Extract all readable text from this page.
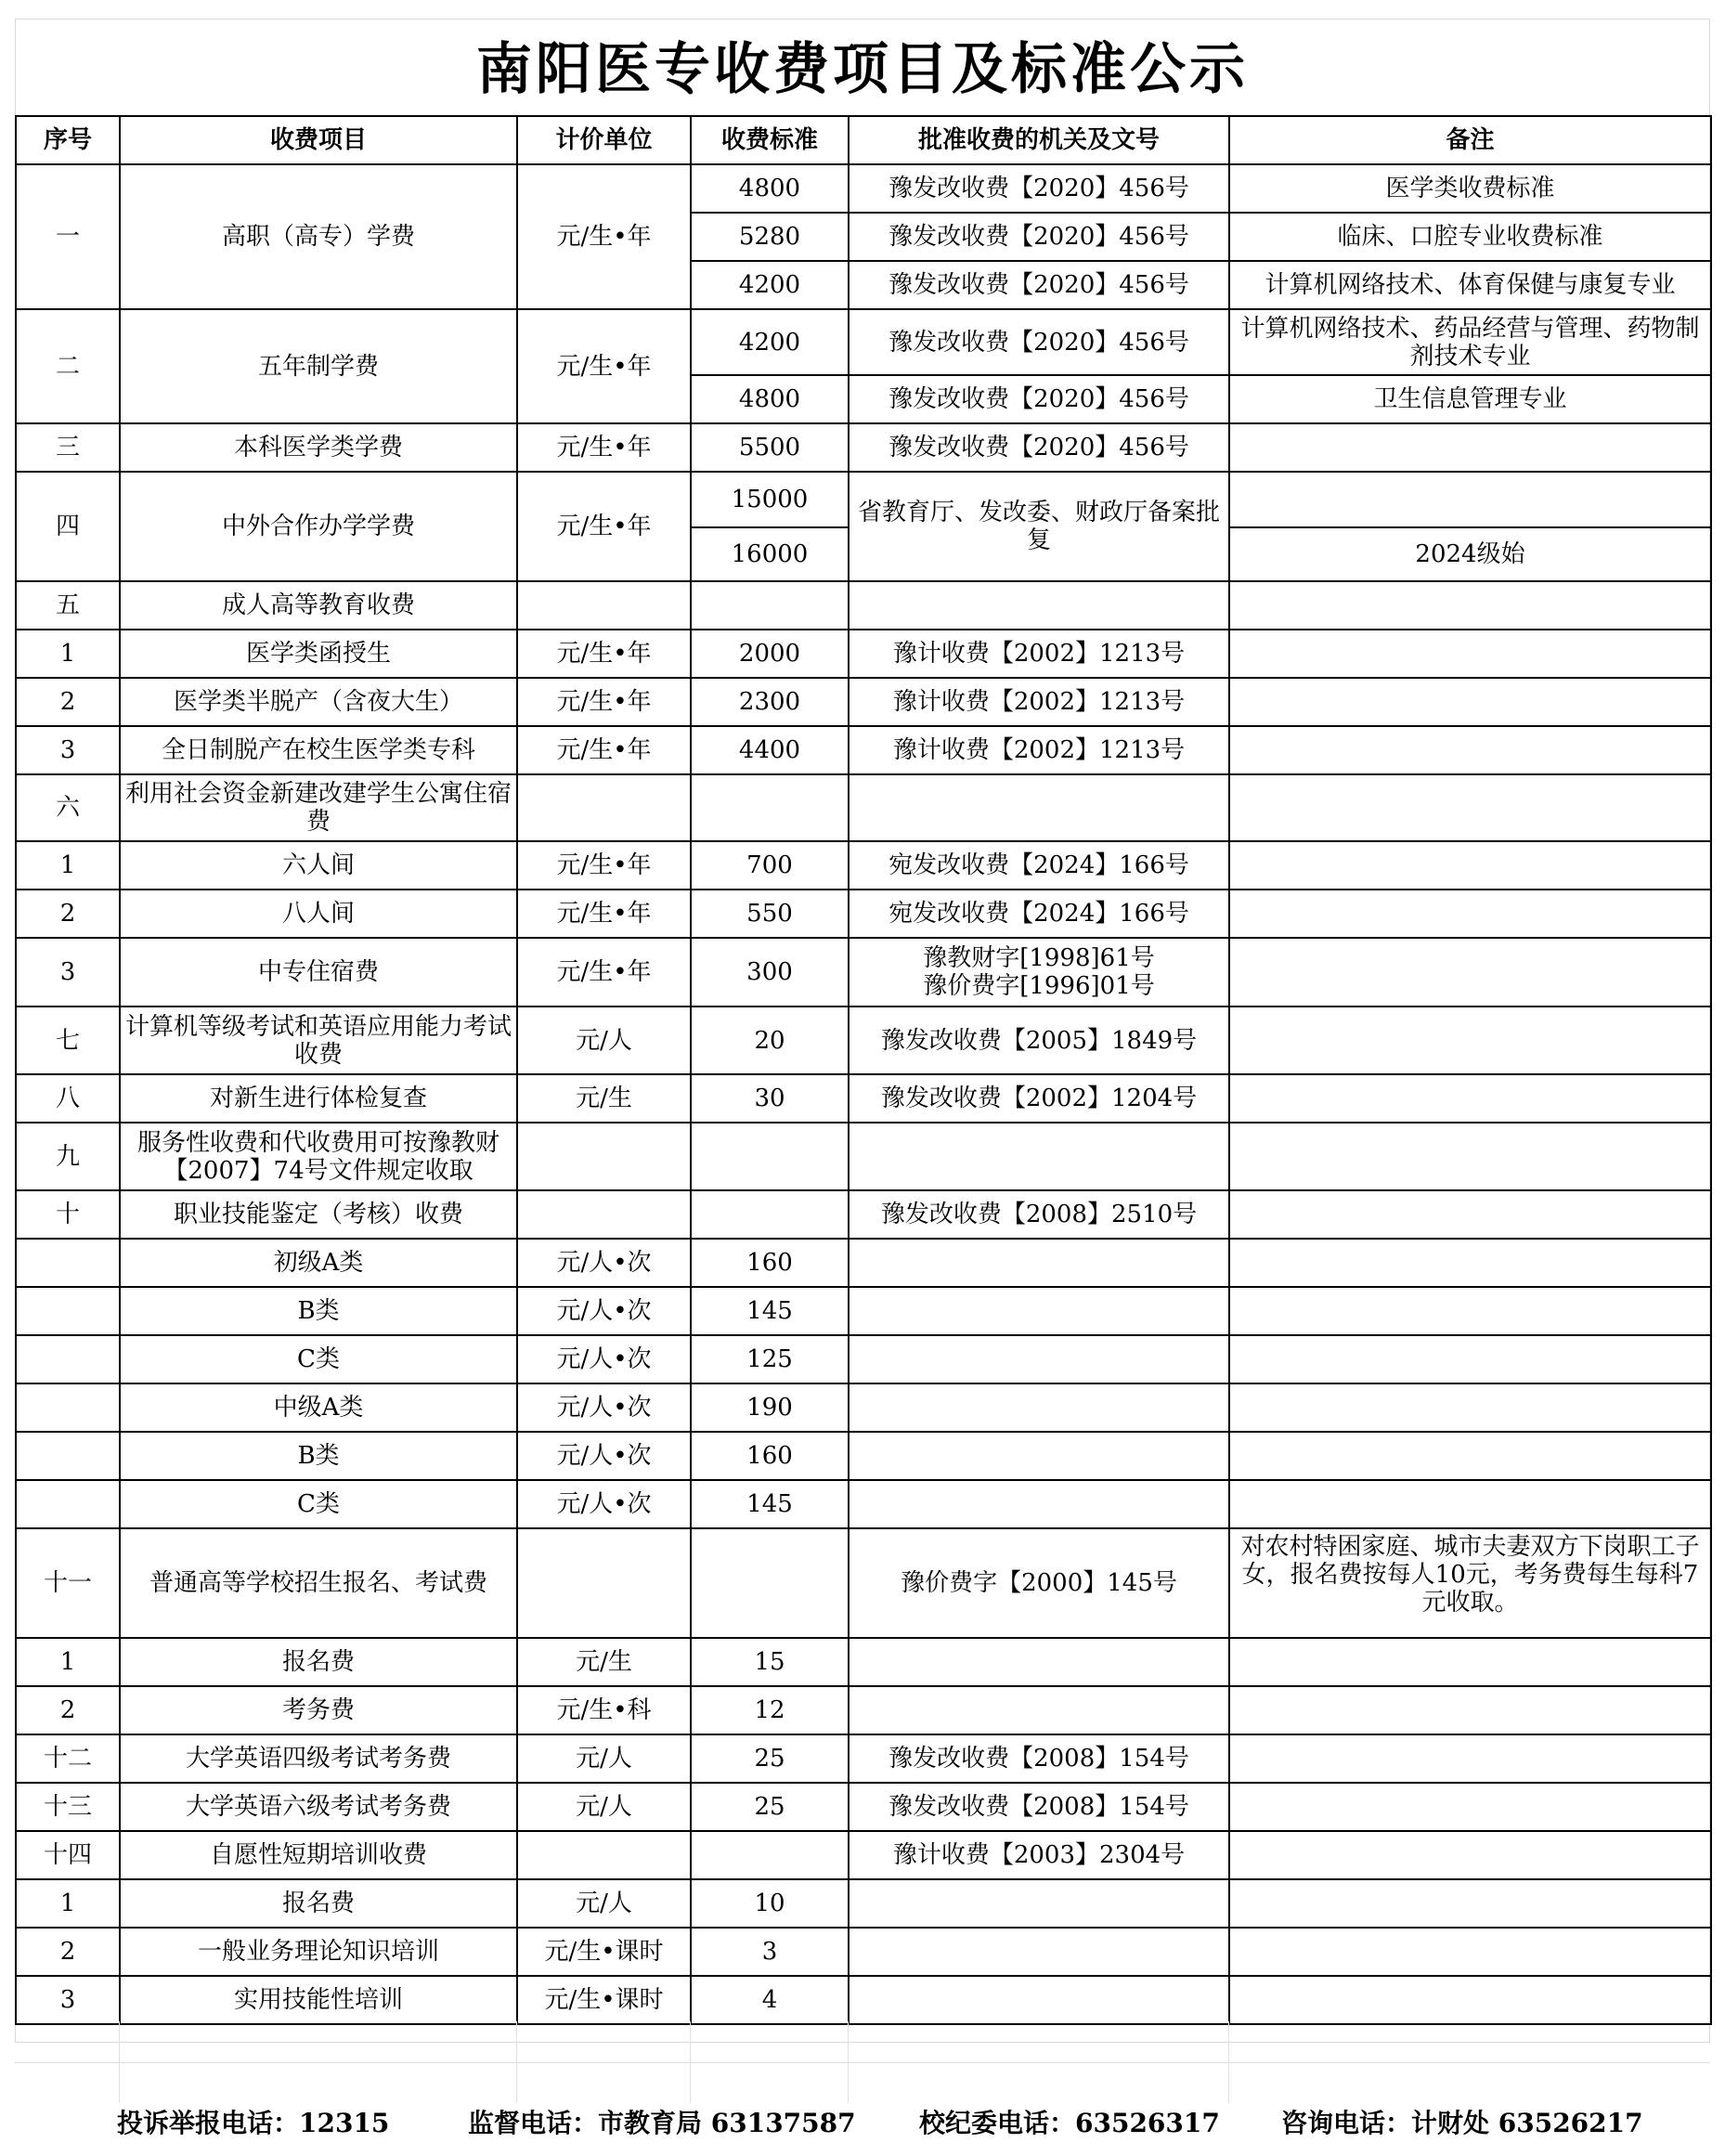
南阳医专收费项目及标准公示
序号	收费项目	计价单位	收费标准	批准收费的机关及文号	备注
一	高职（高专）学费	元/生•年	4800	豫发改收费【2020】456号	医学类收费标准
			5280	豫发改收费【2020】456号	临床、口腔专业收费标准
			4200	豫发改收费【2020】456号	计算机网络技术、体育保健与康复专业
二	五年制学费	元/生•年	4200	豫发改收费【2020】456号	计算机网络技术、药品经营与管理、药物制剂技术专业
			4800	豫发改收费【2020】456号	卫生信息管理专业
三	本科医学类学费	元/生•年	5500	豫发改收费【2020】456号	
四	中外合作办学学费	元/生•年	15000	省教育厅、发改委、财政厅备案批复	
			16000		2024级始
五	成人高等教育收费				
1	医学类函授生	元/生•年	2000	豫计收费【2002】1213号	
2	医学类半脱产（含夜大生）	元/生•年	2300	豫计收费【2002】1213号	
3	全日制脱产在校生医学类专科	元/生•年	4400	豫计收费【2002】1213号	
六	利用社会资金新建改建学生公寓住宿费				
1	六人间	元/生•年	700	宛发改收费【2024】166号	
2	八人间	元/生•年	550	宛发改收费【2024】166号	
3	中专住宿费	元/生•年	300	豫教财字[1998]61号
豫价费字[1996]01号	
七	计算机等级考试和英语应用能力考试收费	元/人	20	豫发改收费【2005】1849号	
八	对新生进行体检复查	元/生	30	豫发改收费【2002】1204号	
九	服务性收费和代收费用可按豫教财【2007】74号文件规定收取				
十	职业技能鉴定（考核）收费			豫发改收费【2008】2510号	
	初级A类	元/人•次	160		
	B类	元/人•次	145		
	C类	元/人•次	125		
	中级A类	元/人•次	190		
	B类	元/人•次	160		
	C类	元/人•次	145		
十一	普通高等学校招生报名、考试费			豫价费字【2000】145号	对农村特困家庭、城市夫妻双方下岗职工子女，报名费按每人10元，考务费每生每科7元收取。
1	报名费	元/生	15		
2	考务费	元/生•科	12		
十二	大学英语四级考试考务费	元/人	25	豫发改收费【2008】154号	
十三	大学英语六级考试考务费	元/人	25	豫发改收费【2008】154号	
十四	自愿性短期培训收费			豫计收费【2003】2304号	
1	报名费	元/人	10		
2	一般业务理论知识培训	元/生•课时	3		
3	实用技能性培训	元/生•课时	4		
投诉举报电话：12315	监督电话：市教育局 63137587 校纪委电话：63526317 咨询电话：计财处 63526217
